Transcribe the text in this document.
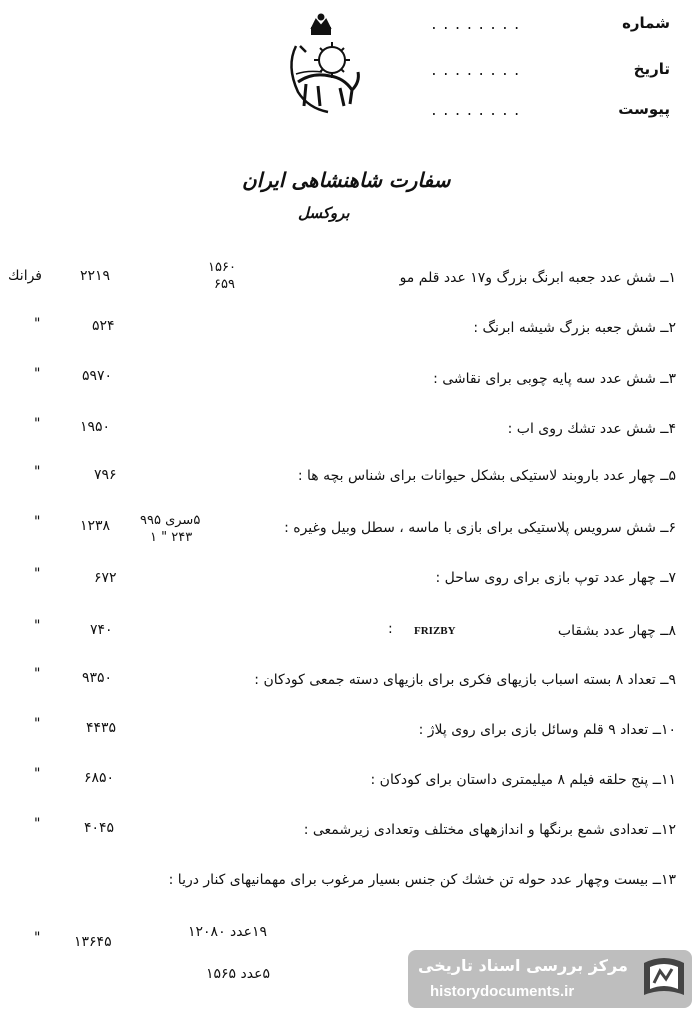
شماره
........
تاریخ
........
پیوست
........
سفارت شاهنشاهی ایران
بروکسل
۱ــ شش عدد جعبه ابرنگ بزرگ و۱۷ عدد قلم مو
۱۵۶۰
۶۵۹
۲۲۱۹
فرانك
۲ــ شش جعبه بزرگ شیشه ابرنگ :
۵۲۴
"
۳ــ شش عدد سه پایه چوبی برای نقاشی :
۵۹۷۰
"
۴ــ شش عدد تشك روی اب :
۱۹۵۰
"
۵ــ چهار عدد باروبند لاستیکی بشکل حیوانات برای شناس بچه ها :
۷۹۶
"
۶ــ شش سرویس پلاستیکی برای بازی با ماسه ، سطل وبیل وغیره :
۵سری ۹۹۵
۱ " ۲۴۳
۱۲۳۸
"
۷ــ چهار عدد توپ بازی برای روی ساحل :
۶۷۲
"
۸ــ چهار عدد بشقاب
FRIZBY
:
۷۴۰
"
۹ــ تعداد ۸ بسته اسباب بازیهای فکری برای بازیهای دسته جمعی کودکان :
۹۳۵۰
"
۱۰ــ تعداد ۹ قلم وسائل بازی برای روی پلاژ :
۴۴۳۵
"
۱۱ــ پنج حلقه فیلم ۸ میلیمتری داستان برای کودکان :
۶۸۵۰
"
۱۲ــ تعدادی شمع برنگها و اندازههای مختلف وتعدادی زیرشمعی :
۴۰۴۵
"
۱۳ــ بیست وچهار عدد حوله تن خشك کن جنس بسیار مرغوب برای مهمانیهای کنار دریا :
۱۹عدد ۱۲۰۸۰
۵عدد ۱۵۶۵
۱۳۶۴۵
"
مرکز بررسی اسناد تاریخی
historydocuments.ir
